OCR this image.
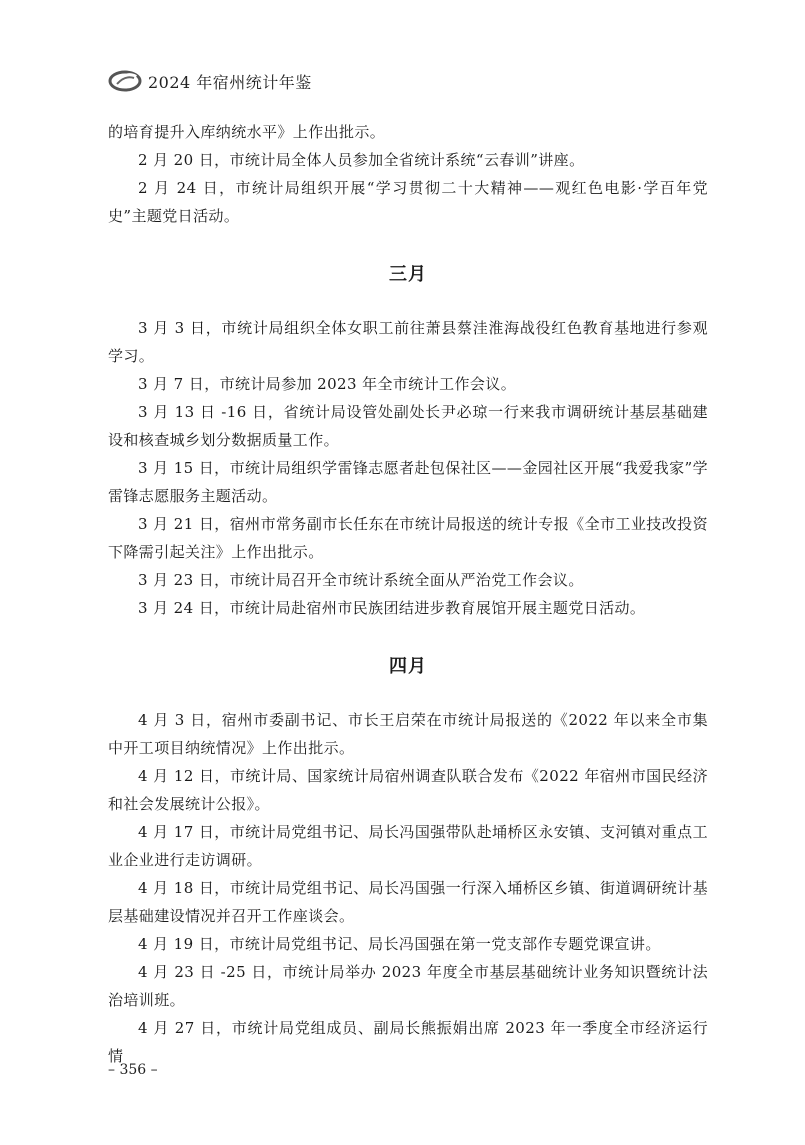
2024 年宿州统计年鉴

的培育提升入库纳统水平》上作出批示。

2 月 20 日，市统计局全体人员参加全省统计系统“云春训”讲座。

2 月 24 日，市统计局组织开展“学习贯彻二十大精神——观红色电影·学百年党史”主题党日活动。

三月

3 月 3 日，市统计局组织全体女职工前往萧县蔡洼淮海战役红色教育基地进行参观学习。

3 月 7 日，市统计局参加 2023 年全市统计工作会议。

3 月 13 日 -16 日，省统计局设管处副处长尹必琼一行来我市调研统计基层基础建设和核查城乡划分数据质量工作。

3 月 15 日，市统计局组织学雷锋志愿者赴包保社区——金园社区开展“我爱我家”学雷锋志愿服务主题活动。

3 月 21 日，宿州市常务副市长任东在市统计局报送的统计专报《全市工业技改投资下降需引起关注》上作出批示。

3 月 23 日，市统计局召开全市统计系统全面从严治党工作会议。

3 月 24 日，市统计局赴宿州市民族团结进步教育展馆开展主题党日活动。

四月

4 月 3 日，宿州市委副书记、市长王启荣在市统计局报送的《2022 年以来全市集中开工项目纳统情况》上作出批示。

4 月 12 日，市统计局、国家统计局宿州调查队联合发布《2022 年宿州市国民经济和社会发展统计公报》。

4 月 17 日，市统计局党组书记、局长冯国强带队赴埇桥区永安镇、支河镇对重点工业企业进行走访调研。

4 月 18 日，市统计局党组书记、局长冯国强一行深入埇桥区乡镇、街道调研统计基层基础建设情况并召开工作座谈会。

4 月 19 日，市统计局党组书记、局长冯国强在第一党支部作专题党课宣讲。

4 月 23 日 -25 日，市统计局举办 2023 年度全市基层基础统计业务知识暨统计法治培训班。

4 月 27 日，市统计局党组成员、副局长熊振娟出席 2023 年一季度全市经济运行情

– 356 –
